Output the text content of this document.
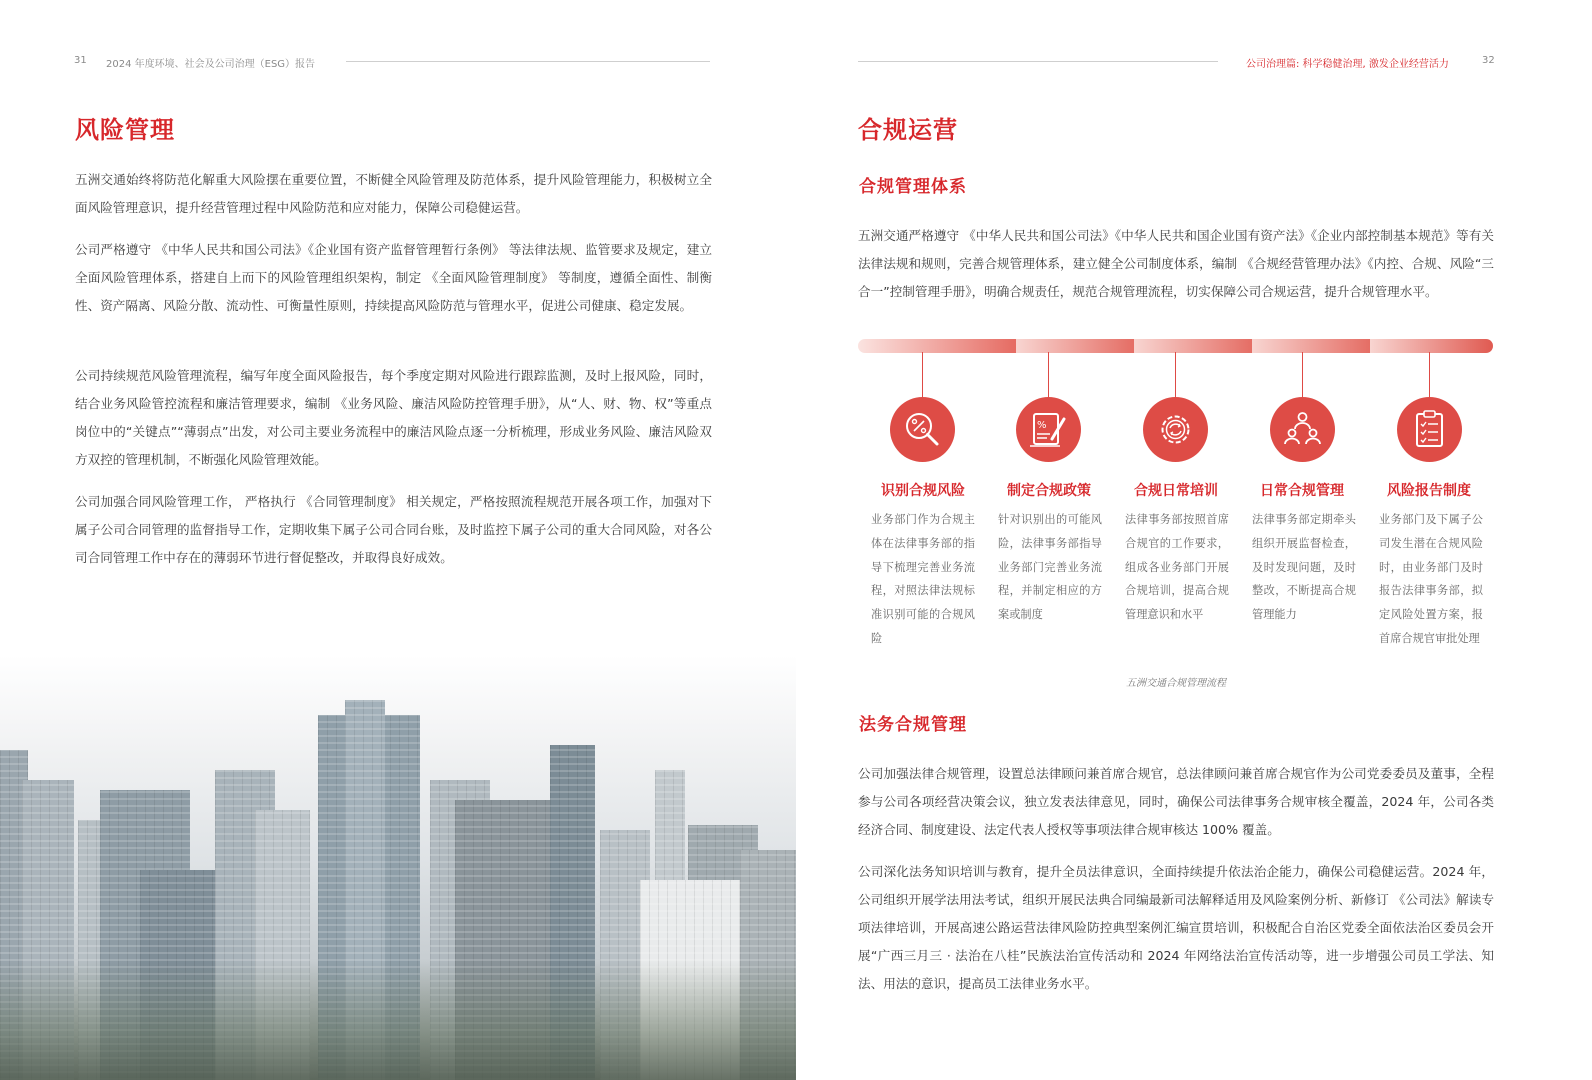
31 2024 年度环境、社会及公司治理（ESG）报告
风险管理

五洲交通始终将防范化解重大风险摆在重要位置，不断健全风险管理及防范体系，提升风险管理能力，积极树立全面风险管理意识，提升经营管理过程中风险防范和应对能力，保障公司稳健运营。

公司严格遵守 《中华人民共和国公司法》《企业国有资产监督管理暂行条例》 等法律法规、监管要求及规定，建立全面风险管理体系，搭建自上而下的风险管理组织架构，制定 《全面风险管理制度》 等制度，遵循全面性、制衡性、资产隔离、风险分散、流动性、可衡量性原则，持续提高风险防范与管理水平，促进公司健康、稳定发展。

公司持续规范风险管理流程，编写年度全面风险报告，每个季度定期对风险进行跟踪监测，及时上报风险，同时，结合业务风险管控流程和廉洁管理要求，编制 《业务风险、廉洁风险防控管理手册》，从“人、财、物、权”等重点岗位中的“关键点”“薄弱点”出发，对公司主要业务流程中的廉洁风险点逐一分析梳理，形成业务风险、廉洁风险双方双控的管理机制，不断强化风险管理效能。

公司加强合同风险管理工作， 严格执行 《合同管理制度》 相关规定，严格按照流程规范开展各项工作，加强对下属子公司合同管理的监督指导工作，定期收集下属子公司合同台账，及时监控下属子公司的重大合同风险，对各公司合同管理工作中存在的薄弱环节进行督促整改，并取得良好成效。

公司治理篇: 科学稳健治理, 激发企业经营活力	32
合规运营
合规管理体系

五洲交通严格遵守 《中华人民共和国公司法》《中华人民共和国企业国有资产法》《企业内部控制基本规范》等有关法律法规和规则，完善合规管理体系，建立健全公司制度体系，编制 《合规经营管理办法》《内控、合规、风险“三合一”控制管理手册》，明确合规责任，规范合规管理流程，切实保障公司合规运营，提升合规管理水平。

识别合规风险

业务部门作为合规主体在法律事务部的指导下梳理完善业务流程，对照法律法规标准识别可能的合规风险

%
制定合规政策

针对识别出的可能风险，法律事务部指导业务部门完善业务流程，并制定相应的方案或制度

合规日常培训

法律事务部按照首席合规官的工作要求，组成各业务部门开展合规培训，提高合规管理意识和水平

日常合规管理

法律事务部定期牵头组织开展监督检查，及时发现问题，及时整改，不断提高合规管理能力

风险报告制度

业务部门及下属子公司发生潜在合规风险时，由业务部门及时报告法律事务部，拟定风险处置方案，报首席合规官审批处理

五洲交通合规管理流程
法务合规管理

公司加强法律合规管理，设置总法律顾问兼首席合规官，总法律顾问兼首席合规官作为公司党委委员及董事，全程参与公司各项经营决策会议，独立发表法律意见，同时，确保公司法律事务合规审核全覆盖，2024 年，公司各类经济合同、制度建设、法定代表人授权等事项法律合规审核达 100% 覆盖。

公司深化法务知识培训与教育，提升全员法律意识，全面持续提升依法治企能力，确保公司稳健运营。2024 年，公司组织开展学法用法考试，组织开展民法典合同编最新司法解释适用及风险案例分析、新修订 《公司法》解读专项法律培训，开展高速公路运营法律风险防控典型案例汇编宣贯培训，积极配合自治区党委全面依法治区委员会开展“广西三月三 · 法治在八桂”民族法治宣传活动和 2024 年网络法治宣传活动等，进一步增强公司员工学法、知法、用法的意识，提高员工法律业务水平。
